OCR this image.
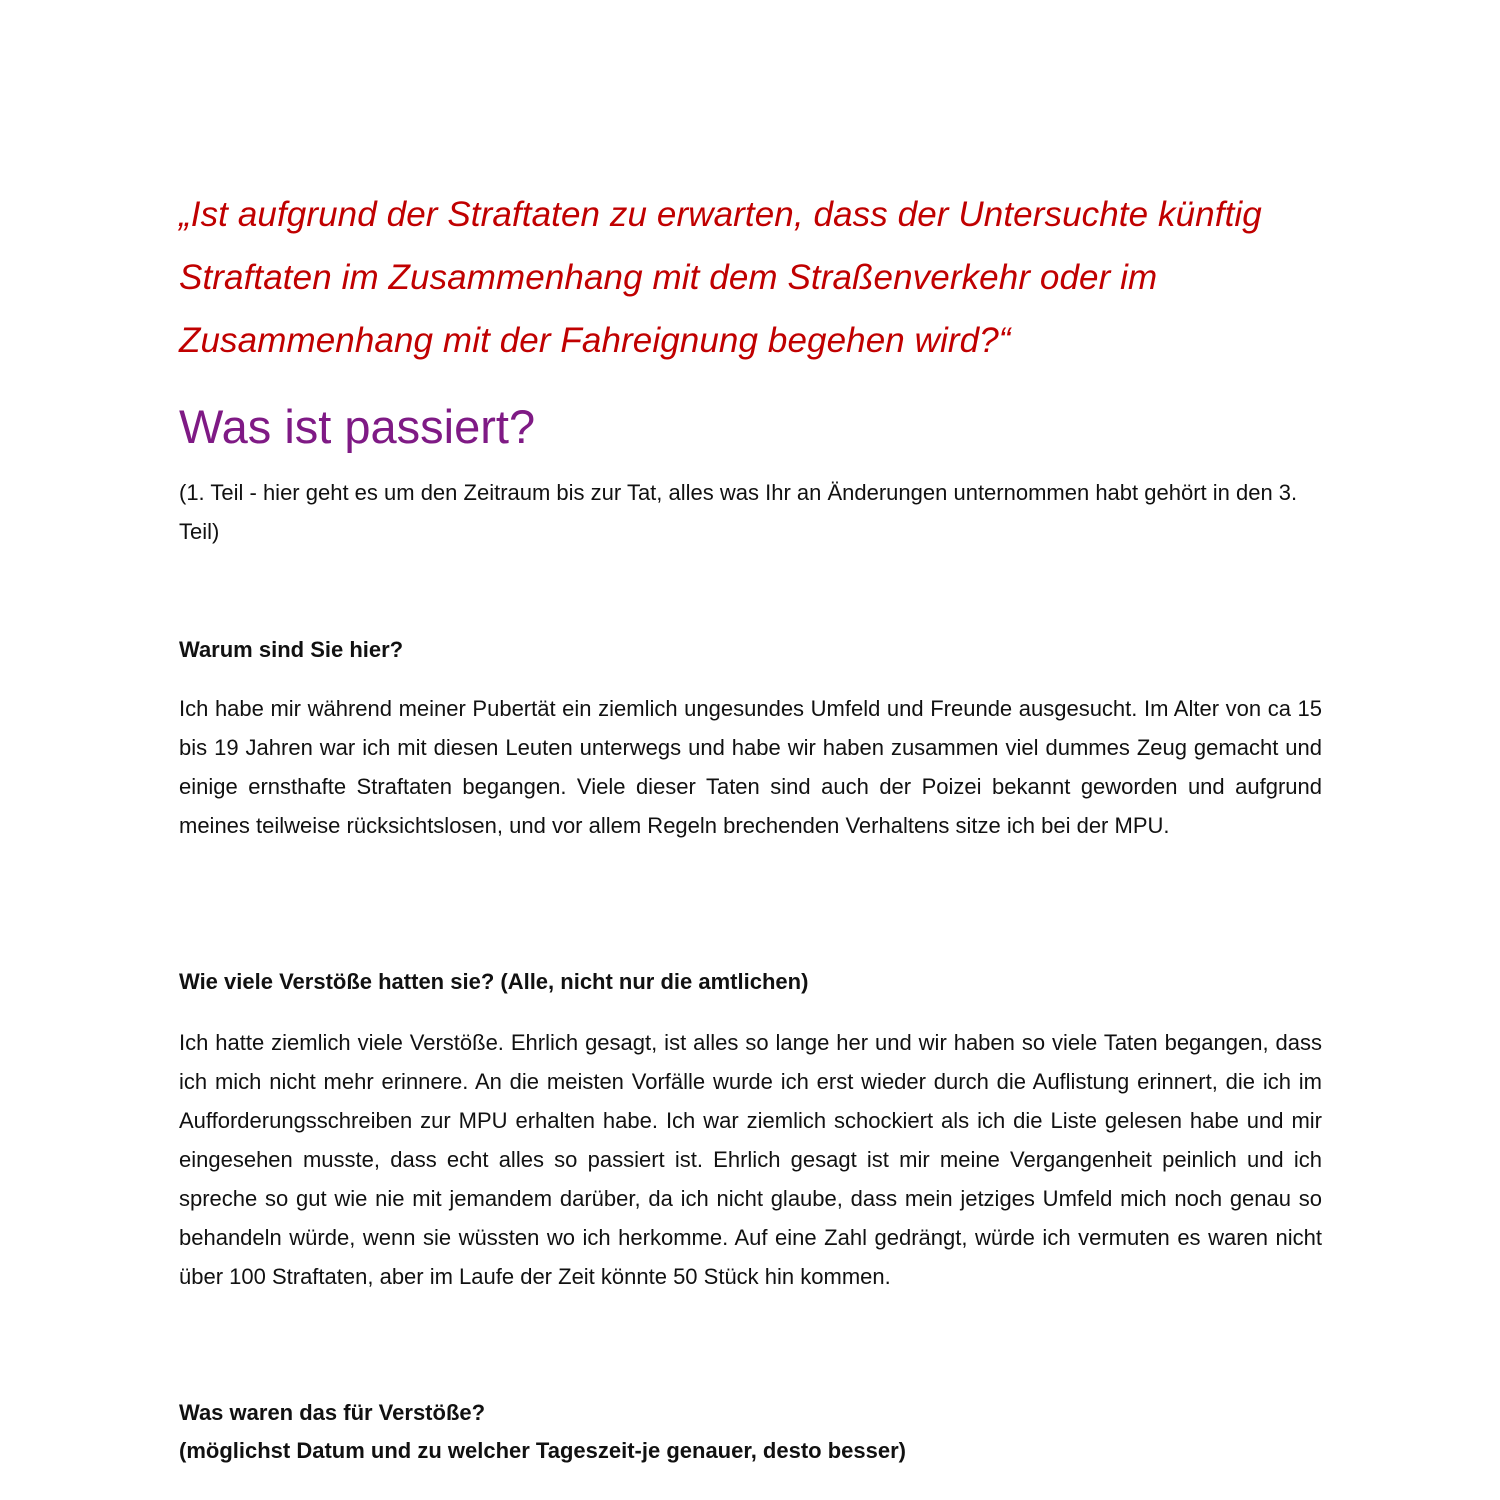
„Ist aufgrund der Straftaten zu erwarten, dass der Untersuchte künftig Straftaten im Zusammenhang mit dem Straßenverkehr oder im Zusammenhang mit der Fahreignung begehen wird?“

Was ist passiert?

(1. Teil - hier geht es um den Zeitraum bis zur Tat, alles was Ihr an Änderungen unternommen habt gehört in den 3. Teil)

Warum sind Sie hier?

Ich habe mir während meiner Pubertät ein ziemlich ungesundes Umfeld und Freunde ausgesucht. Im Alter von ca 15 bis 19 Jahren war ich mit diesen Leuten unterwegs und habe wir haben zusammen viel dummes Zeug gemacht und einige ernsthafte Straftaten begangen. Viele dieser Taten sind auch der Poizei bekannt geworden und aufgrund meines teilweise rücksichtslosen, und vor allem Regeln brechenden Verhaltens sitze ich bei der MPU.

Wie viele Verstöße hatten sie? (Alle, nicht nur die amtlichen)

Ich hatte ziemlich viele Verstöße. Ehrlich gesagt, ist alles so lange her und wir haben so viele Taten begangen, dass ich mich nicht mehr erinnere. An die meisten Vorfälle wurde ich erst wieder durch die Auflistung erinnert, die ich im Aufforderungsschreiben zur MPU erhalten habe. Ich war ziemlich schockiert als ich die Liste gelesen habe und mir eingesehen musste, dass echt alles so passiert ist. Ehrlich gesagt ist mir meine Vergangenheit peinlich und ich spreche so gut wie nie mit jemandem darüber, da ich nicht glaube, dass mein jetziges Umfeld mich noch genau so behandeln würde, wenn sie wüssten wo ich herkomme. Auf eine Zahl gedrängt, würde ich vermuten es waren nicht über 100 Straftaten, aber im Laufe der Zeit könnte 50 Stück hin kommen.

Was waren das für Verstöße?
(möglichst Datum und zu welcher Tageszeit-je genauer, desto besser)
